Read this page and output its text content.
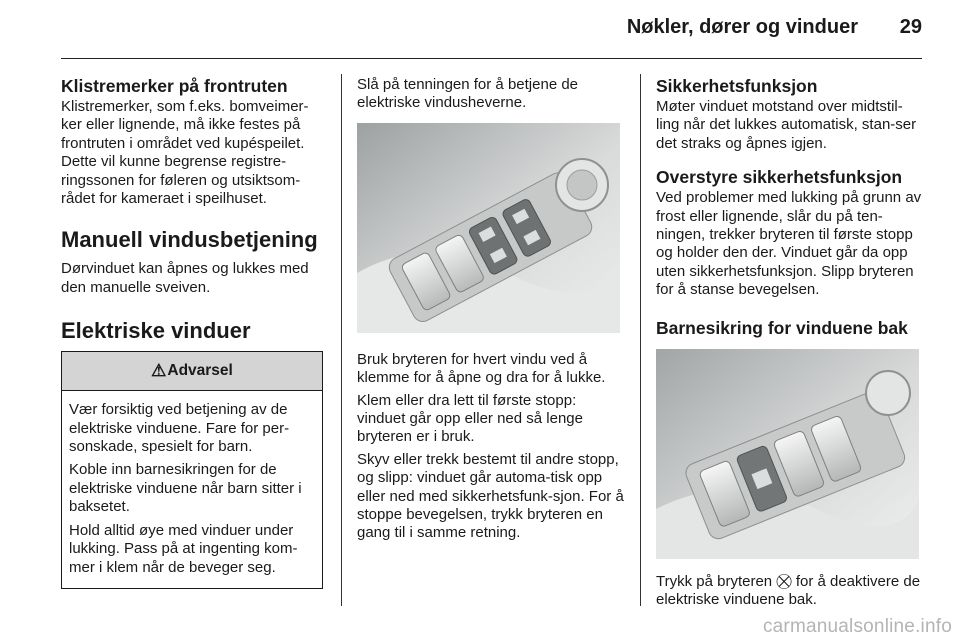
Nøkler, dører og vinduer 29
Klistremerker på frontruten

Klistremerker, som f.eks. bomveimer-ker eller lignende, må ikke festes på frontruten i området ved kupéspeilet. Dette vil kunne begrense registre-ringssonen for føleren og utsiktsom-rådet for kameraet i speilhuset.

Manuell vindusbetjening

Dørvinduet kan åpnes og lukkes med den manuelle sveiven.

Elektriske vinduer
⚠ Advarsel

Vær forsiktig ved betjening av de elektriske vinduene. Fare for per-sonskade, spesielt for barn.

Koble inn barnesikringen for de elektriske vinduene når barn sitter i baksetet.

Hold alltid øye med vinduer under lukking. Pass på at ingenting kom-mer i klem når de beveger seg.

Slå på tenningen for å betjene de elektriske vindusheverne.

Bruk bryteren for hvert vindu ved å klemme for å åpne og dra for å lukke.

Klem eller dra lett til første stopp: vinduet går opp eller ned så lenge bryteren er i bruk.

Skyv eller trekk bestemt til andre stopp, og slipp: vinduet går automa-tisk opp eller ned med sikkerhetsfunk-sjon. For å stoppe bevegelsen, trykk bryteren en gang til i samme retning.

Sikkerhetsfunksjon

Møter vinduet motstand over midtstil-ling når det lukkes automatisk, stan-ser det straks og åpnes igjen.

Overstyre sikkerhetsfunksjon

Ved problemer med lukking på grunn av frost eller lignende, slår du på ten-ningen, trekker bryteren til første stopp og holder den der. Vinduet går da opp uten sikkerhetsfunksjon. Slipp bryteren for å stanse bevegelsen.

Barnesikring for vinduene bak

Trykk på bryteren ⛒ for å deaktivere de elektriske vinduene bak.

carmanualsonline.info
